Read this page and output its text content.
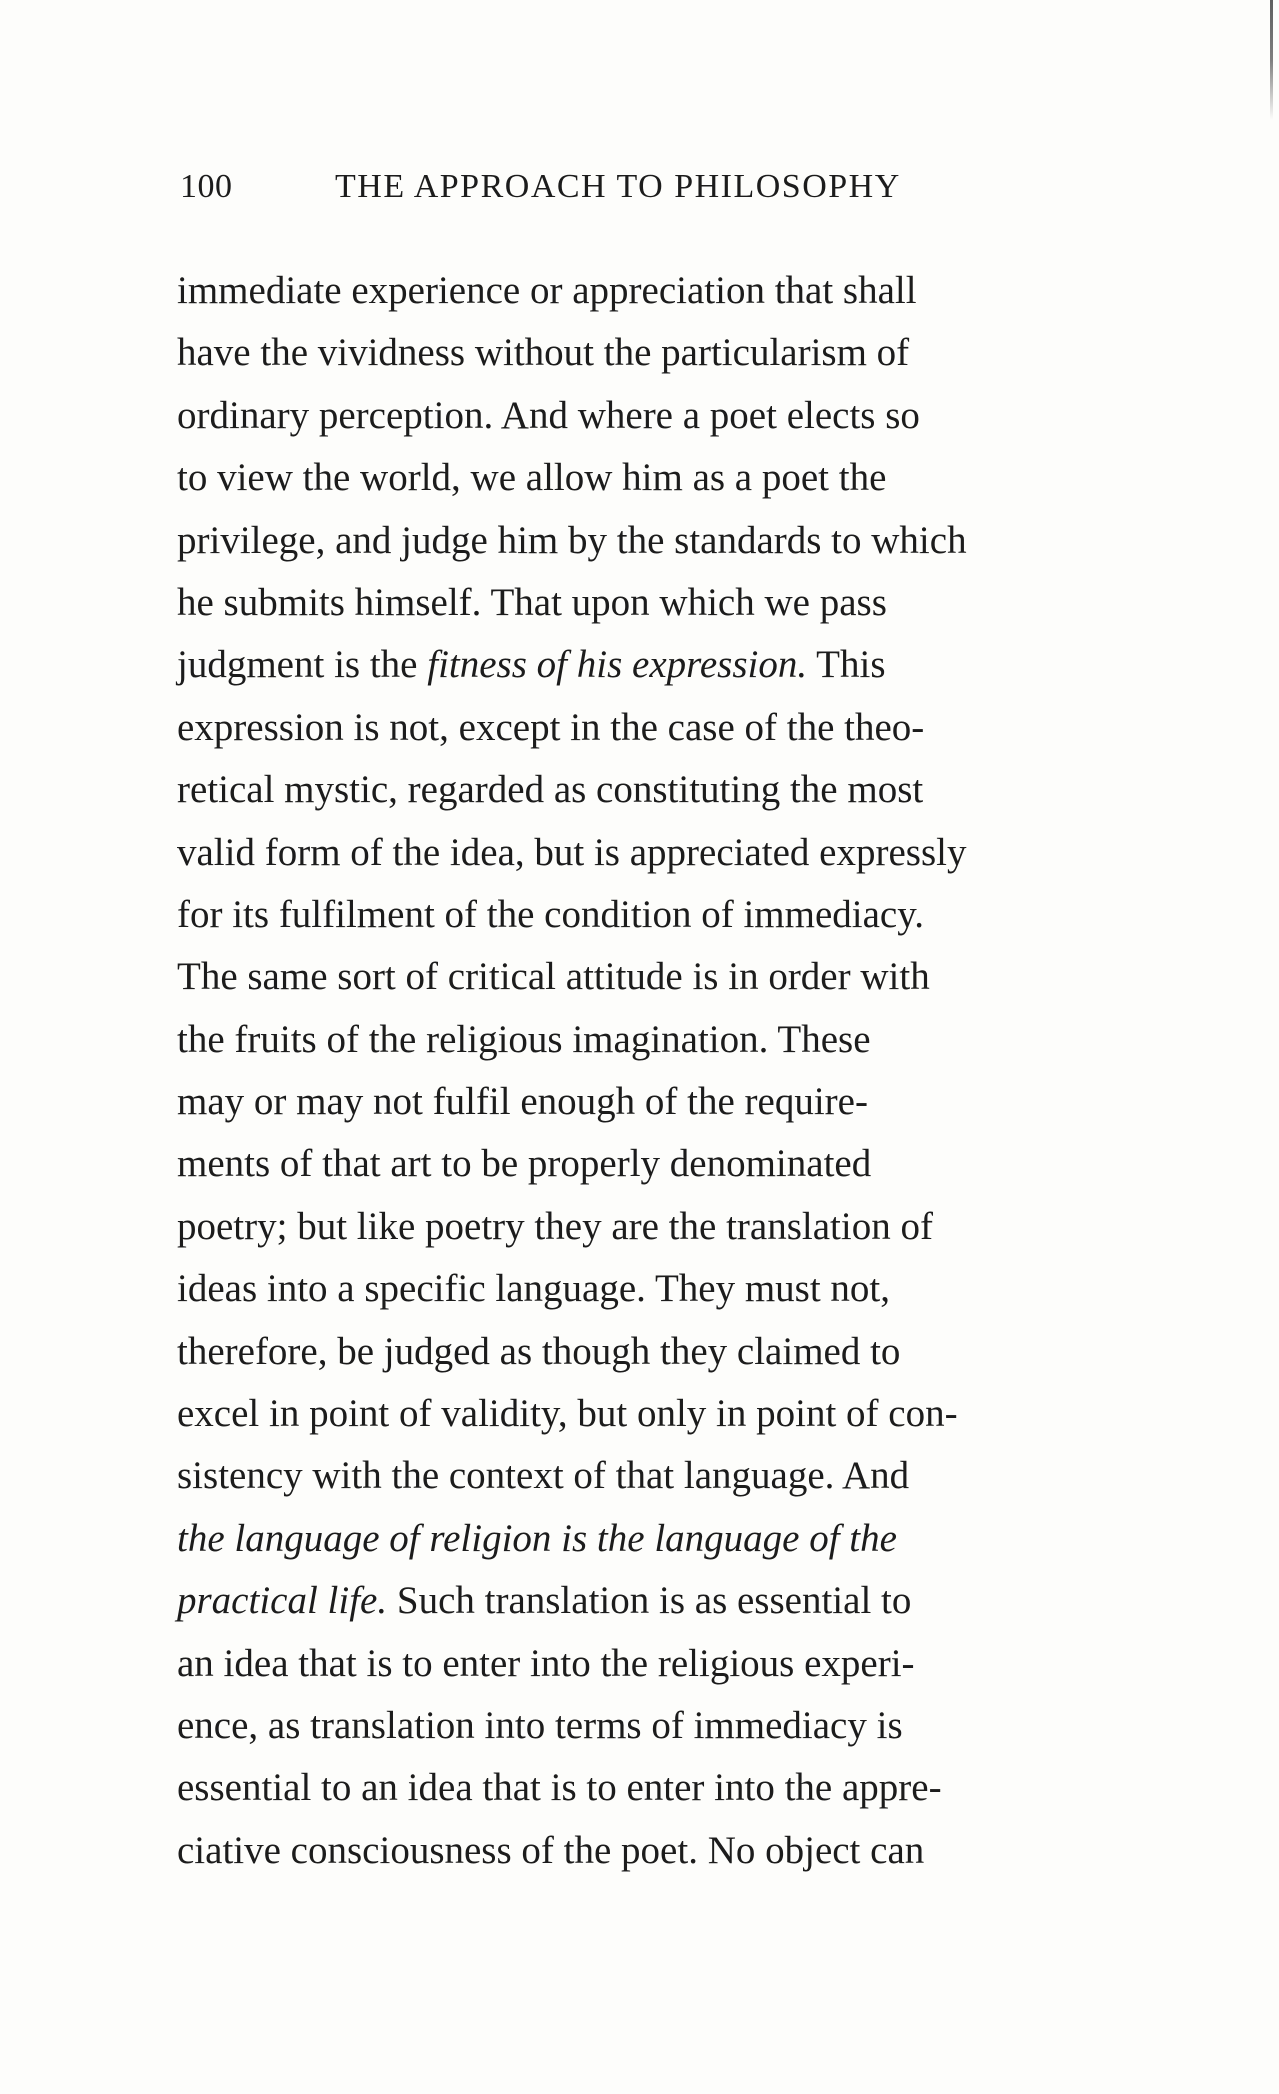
100	THE APPROACH TO PHILOSOPHY
immediate experience or appreciation that shall
have the vividness without the particularism of
ordinary perception. And where a poet elects so
to view the world, we allow him as a poet the
privilege, and judge him by the standards to which
he submits himself. That upon which we pass
judgment is the fitness of his expression. This
expression is not, except in the case of the theo-
retical mystic, regarded as constituting the most
valid form of the idea, but is appreciated expressly
for its fulfilment of the condition of immediacy.
The same sort of critical attitude is in order with
the fruits of the religious imagination. These
may or may not fulfil enough of the require-
ments of that art to be properly denominated
poetry; but like poetry they are the translation of
ideas into a specific language. They must not,
therefore, be judged as though they claimed to
excel in point of validity, but only in point of con-
sistency with the context of that language. And
the language of religion is the language of the
practical life. Such translation is as essential to
an idea that is to enter into the religious experi-
ence, as translation into terms of immediacy is
essential to an idea that is to enter into the appre-
ciative consciousness of the poet. No object can
